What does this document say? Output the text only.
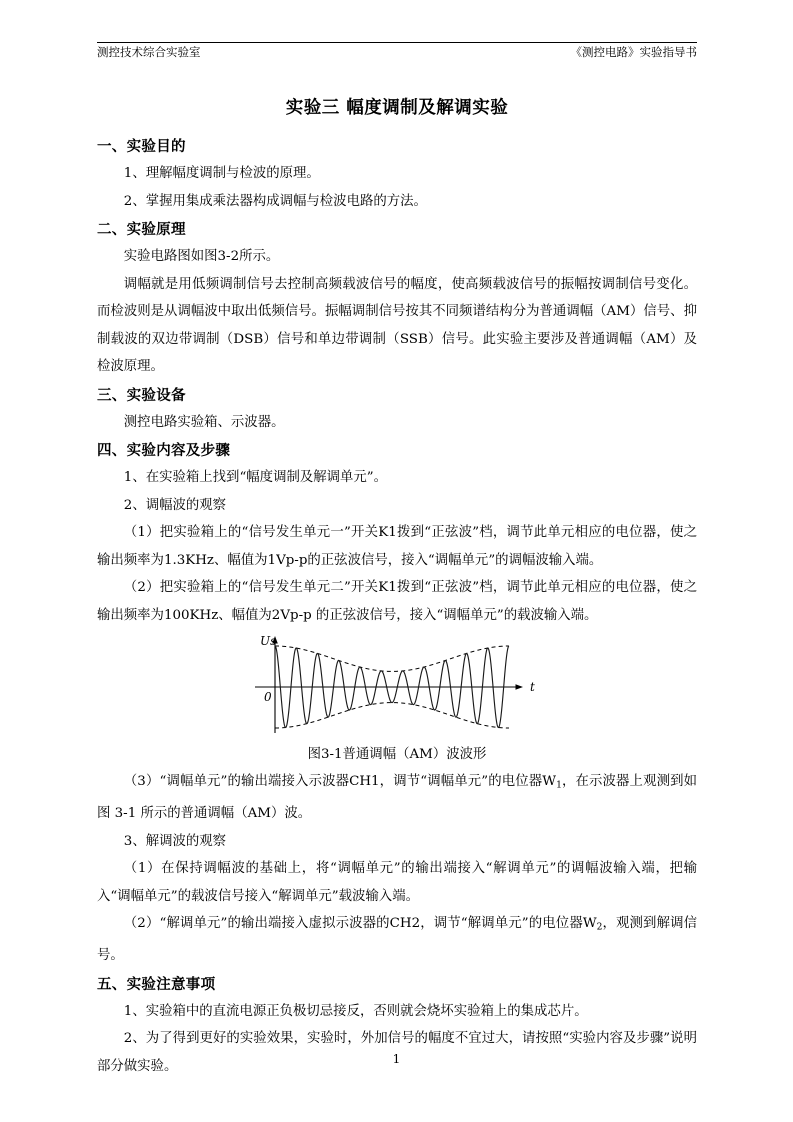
测控技术综合实验室	《测控电路》实验指导书
实验三 幅度调制及解调实验
一、实验目的

1、理解幅度调制与检波的原理。

2、掌握用集成乘法器构成调幅与检波电路的方法。

二、实验原理

实验电路图如图3-2所示。

调幅就是用低频调制信号去控制高频载波信号的幅度，使高频载波信号的振幅按调制信号变化。而检波则是从调幅波中取出低频信号。振幅调制信号按其不同频谱结构分为普通调幅（AM）信号、抑制载波的双边带调制（DSB）信号和单边带调制（SSB）信号。此实验主要涉及普通调幅（AM）及检波原理。

三、实验设备

测控电路实验箱、示波器。

四、实验内容及步骤

1、在实验箱上找到“幅度调制及解调单元”。

2、调幅波的观察

（1）把实验箱上的“信号发生单元一”开关K1拨到“正弦波”档，调节此单元相应的电位器，使之输出频率为1.3KHz、幅值为1Vp-p的正弦波信号，接入“调幅单元”的调幅波输入端。

（2）把实验箱上的“信号发生单元二”开关K1拨到“正弦波”档，调节此单元相应的电位器，使之输出频率为100KHz、幅值为2Vp-p 的正弦波信号，接入“调幅单元”的载波输入端。

Us
0
t

图3-1普通调幅（AM）波波形

（3）“调幅单元”的输出端接入示波器CH1，调节“调幅单元”的电位器$W_1$，在示波器上观测到如图 3-1 所示的普通调幅（AM）波。

3、解调波的观察

（1）在保持调幅波的基础上，将“调幅单元”的输出端接入“解调单元”的调幅波输入端，把输入“调幅单元”的载波信号接入“解调单元”载波输入端。

（2）“解调单元”的输出端接入虚拟示波器的CH2，调节“解调单元”的电位器$W_2$，观测到解调信号。

五、实验注意事项

1、实验箱中的直流电源正负极切忌接反，否则就会烧坏实验箱上的集成芯片。

2、为了得到更好的实验效果，实验时，外加信号的幅度不宜过大，请按照“实验内容及步骤”说明部分做实验。	1
